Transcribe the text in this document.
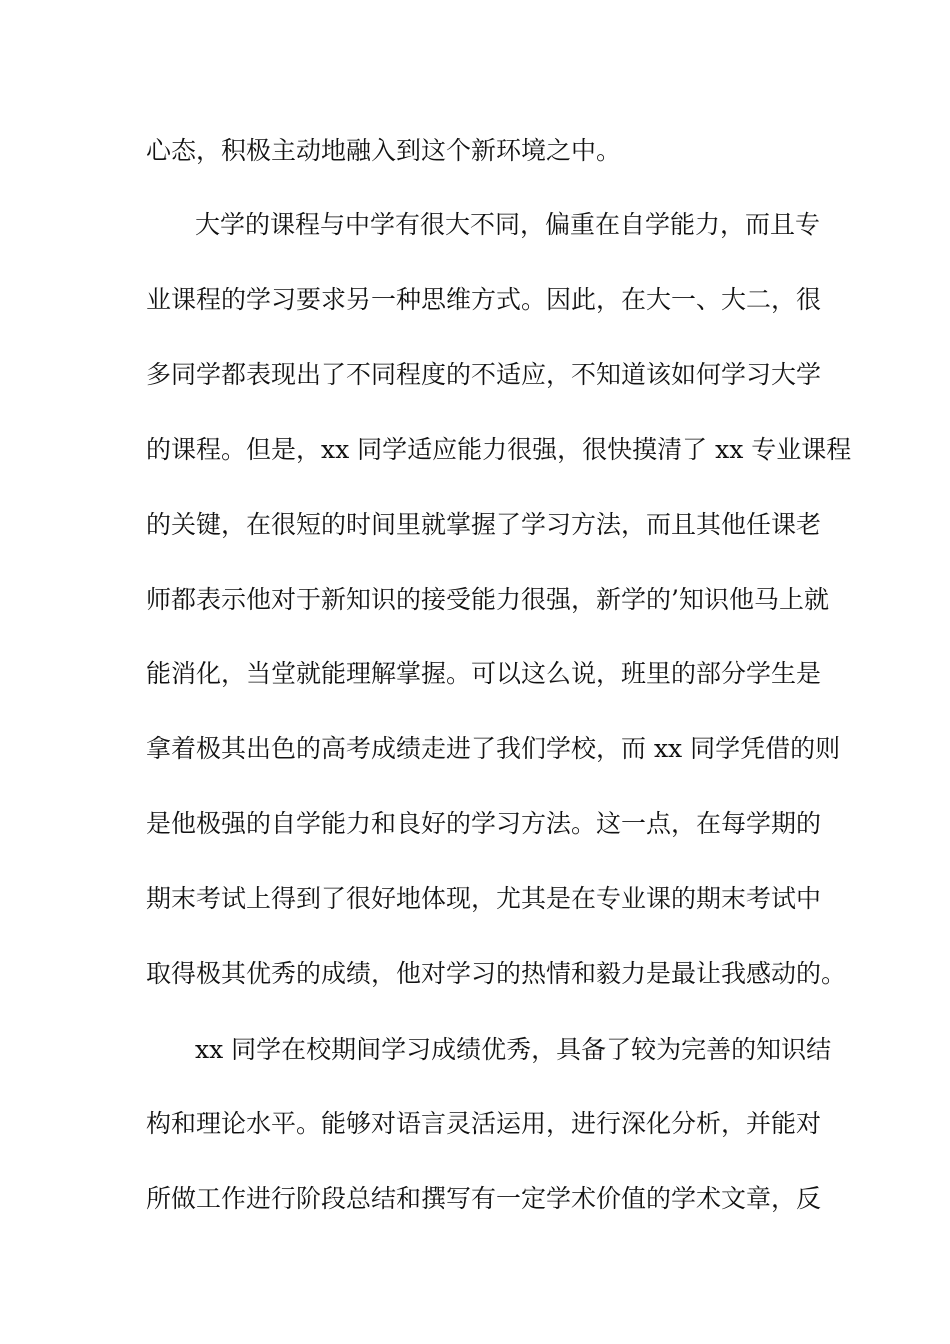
心态，积极主动地融入到这个新环境之中。
大学的课程与中学有很大不同，偏重在自学能力，而且专
业课程的学习要求另一种思维方式。因此，在大一、大二，很
多同学都表现出了不同程度的不适应，不知道该如何学习大学
的课程。但是，xx 同学适应能力很强，很快摸清了 xx 专业课程
的关键，在很短的时间里就掌握了学习方法，而且其他任课老
师都表示他对于新知识的接受能力很强，新学的’知识他马上就
能消化，当堂就能理解掌握。可以这么说，班里的部分学生是
拿着极其出色的高考成绩走进了我们学校，而 xx 同学凭借的则
是他极强的自学能力和良好的学习方法。这一点，在每学期的
期末考试上得到了很好地体现，尤其是在专业课的期末考试中
取得极其优秀的成绩，他对学习的热情和毅力是最让我感动的。
xx 同学在校期间学习成绩优秀，具备了较为完善的知识结
构和理论水平。能够对语言灵活运用，进行深化分析，并能对
所做工作进行阶段总结和撰写有一定学术价值的学术文章，反
